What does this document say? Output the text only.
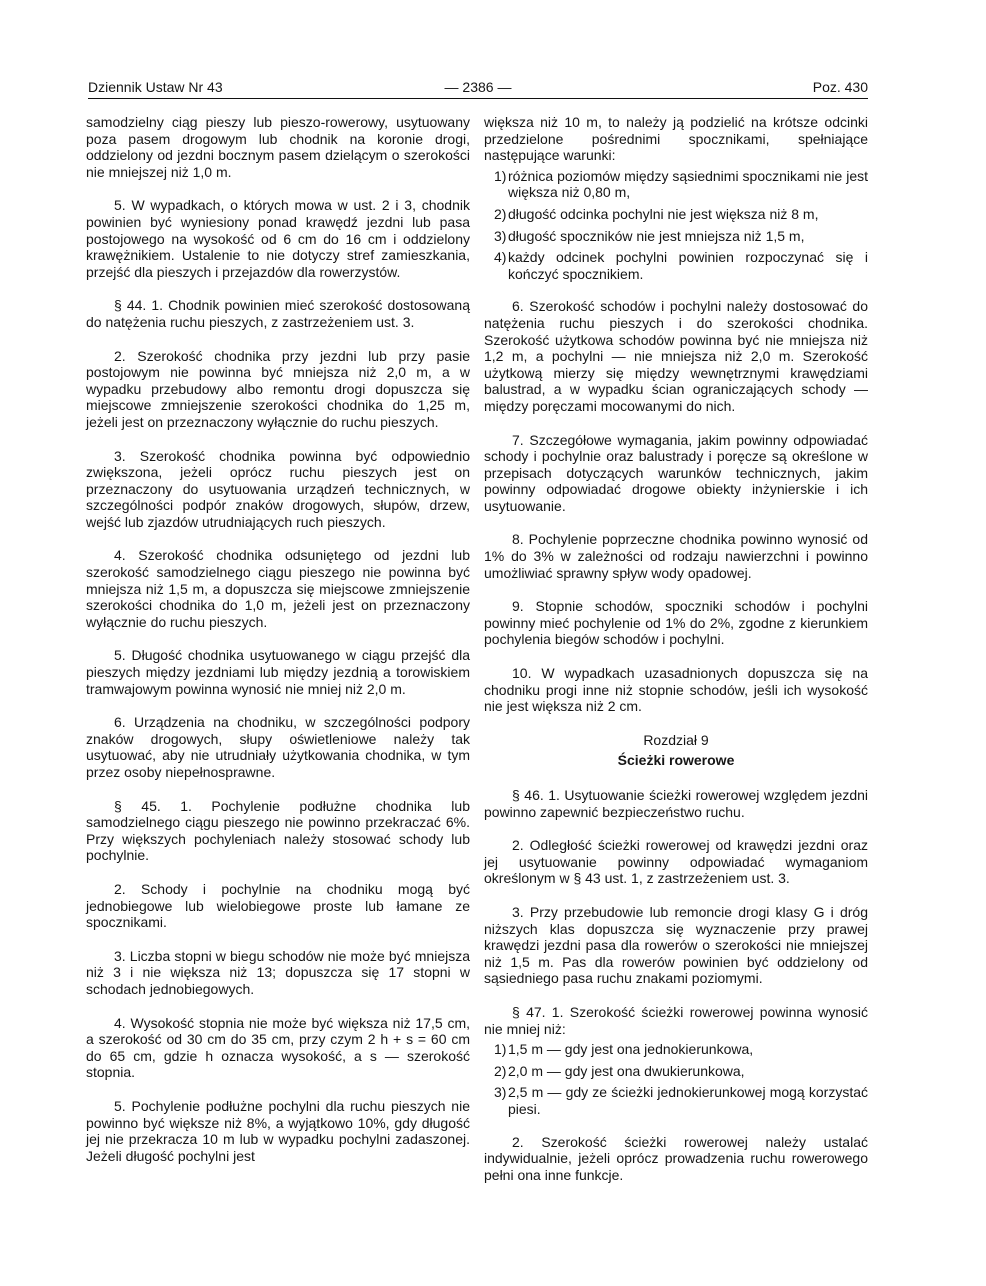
Dziennik Ustaw Nr 43	— 2386 —	Poz. 430

samodzielny ciąg pieszy lub pieszo-rowerowy, usytuowany poza pasem drogowym lub chodnik na koronie drogi, oddzielony od jezdni bocznym pasem dzielącym o szerokości nie mniejszej niż 1,0 m.

5. W wypadkach, o których mowa w ust. 2 i 3, chodnik powinien być wyniesiony ponad krawędź jezdni lub pasa postojowego na wysokość od 6 cm do 16 cm i oddzielony krawężnikiem. Ustalenie to nie dotyczy stref zamieszkania, przejść dla pieszych i przejazdów dla rowerzystów.

§ 44. 1. Chodnik powinien mieć szerokość dostosowaną do natężenia ruchu pieszych, z zastrzeżeniem ust. 3.

2. Szerokość chodnika przy jezdni lub przy pasie postojowym nie powinna być mniejsza niż 2,0 m, a w wypadku przebudowy albo remontu drogi dopuszcza się miejscowe zmniejszenie szerokości chodnika do 1,25 m, jeżeli jest on przeznaczony wyłącznie do ruchu pieszych.

3. Szerokość chodnika powinna być odpowiednio zwiększona, jeżeli oprócz ruchu pieszych jest on przeznaczony do usytuowania urządzeń technicznych, w szczególności podpór znaków drogowych, słupów, drzew, wejść lub zjazdów utrudniających ruch pieszych.

4. Szerokość chodnika odsuniętego od jezdni lub szerokość samodzielnego ciągu pieszego nie powinna być mniejsza niż 1,5 m, a dopuszcza się miejscowe zmniejszenie szerokości chodnika do 1,0 m, jeżeli jest on przeznaczony wyłącznie do ruchu pieszych.

5. Długość chodnika usytuowanego w ciągu przejść dla pieszych między jezdniami lub między jezdnią a torowiskiem tramwajowym powinna wynosić nie mniej niż 2,0 m.

6. Urządzenia na chodniku, w szczególności podpory znaków drogowych, słupy oświetleniowe należy tak usytuować, aby nie utrudniały użytkowania chodnika, w tym przez osoby niepełnosprawne.

§ 45. 1. Pochylenie podłużne chodnika lub samodzielnego ciągu pieszego nie powinno przekraczać 6%. Przy większych pochyleniach należy stosować schody lub pochylnie.

2. Schody i pochylnie na chodniku mogą być jednobiegowe lub wielobiegowe proste lub łamane ze spocznikami.

3. Liczba stopni w biegu schodów nie może być mniejsza niż 3 i nie większa niż 13; dopuszcza się 17 stopni w schodach jednobiegowych.

4. Wysokość stopnia nie może być większa niż 17,5 cm, a szerokość od 30 cm do 35 cm, przy czym 2 h + s = 60 cm do 65 cm, gdzie h oznacza wysokość, a s — szerokość stopnia.

5. Pochylenie podłużne pochylni dla ruchu pieszych nie powinno być większe niż 8%, a wyjątkowo 10%, gdy długość jej nie przekracza 10 m lub w wypadku pochylni zadaszonej. Jeżeli długość pochylni jest

większa niż 10 m, to należy ją podzielić na krótsze odcinki przedzielone pośrednimi spocznikami, spełniające następujące warunki:

1) różnica poziomów między sąsiednimi spocznikami nie jest większa niż 0,80 m,
2) długość odcinka pochylni nie jest większa niż 8 m,
3) długość spoczników nie jest mniejsza niż 1,5 m,
4) każdy odcinek pochylni powinien rozpoczynać się i kończyć spocznikiem.

6. Szerokość schodów i pochylni należy dostosować do natężenia ruchu pieszych i do szerokości chodnika. Szerokość użytkowa schodów powinna być nie mniejsza niż 1,2 m, a pochylni — nie mniejsza niż 2,0 m. Szerokość użytkową mierzy się między wewnętrznymi krawędziami balustrad, a w wypadku ścian ograniczających schody — między poręczami mocowanymi do nich.

7. Szczegółowe wymagania, jakim powinny odpowiadać schody i pochylnie oraz balustrady i poręcze są określone w przepisach dotyczących warunków technicznych, jakim powinny odpowiadać drogowe obiekty inżynierskie i ich usytuowanie.

8. Pochylenie poprzeczne chodnika powinno wynosić od 1% do 3% w zależności od rodzaju nawierzchni i powinno umożliwiać sprawny spływ wody opadowej.

9. Stopnie schodów, spoczniki schodów i pochylni powinny mieć pochylenie od 1% do 2%, zgodne z kierunkiem pochylenia biegów schodów i pochylni.

10. W wypadkach uzasadnionych dopuszcza się na chodniku progi inne niż stopnie schodów, jeśli ich wysokość nie jest większa niż 2 cm.

Rozdział 9

Ścieżki rowerowe

§ 46. 1. Usytuowanie ścieżki rowerowej względem jezdni powinno zapewnić bezpieczeństwo ruchu.

2. Odległość ścieżki rowerowej od krawędzi jezdni oraz jej usytuowanie powinny odpowiadać wymaganiom określonym w § 43 ust. 1, z zastrzeżeniem ust. 3.

3. Przy przebudowie lub remoncie drogi klasy G i dróg niższych klas dopuszcza się wyznaczenie przy prawej krawędzi jezdni pasa dla rowerów o szerokości nie mniejszej niż 1,5 m. Pas dla rowerów powinien być oddzielony od sąsiedniego pasa ruchu znakami poziomymi.

§ 47. 1. Szerokość ścieżki rowerowej powinna wynosić nie mniej niż:

1) 1,5 m — gdy jest ona jednokierunkowa,
2) 2,0 m — gdy jest ona dwukierunkowa,
3) 2,5 m — gdy ze ścieżki jednokierunkowej mogą korzystać piesi.

2. Szerokość ścieżki rowerowej należy ustalać indywidualnie, jeżeli oprócz prowadzenia ruchu rowerowego pełni ona inne funkcje.
